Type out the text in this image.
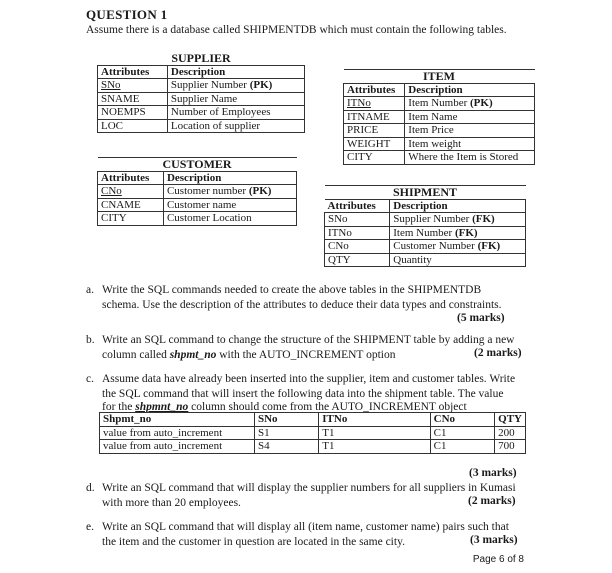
QUESTION 1
Assume there is a database called SHIPMENTDB which must contain the following tables.
SUPPLIER	
Attributes	Description
SNo	Supplier Number (PK)
SNAME	Supplier Name
NOEMPS	Number of Employees
LOC	Location of supplier
ITEM	
Attributes	Description
ITNo	Item Number (PK)
ITNAME	Item Name
PRICE	Item Price
WEIGHT	Item weight
CITY	Where the Item is Stored
CUSTOMER	
Attributes	Description
CNo	Customer number (PK)
CNAME	Customer name
CITY	Customer Location
SHIPMENT	
Attributes	Description
SNo	Supplier Number (FK)
ITNo	Item Number (FK)
CNo	Customer Number (FK)
QTY	Quantity
a. Write the SQL commands needed to create the above tables in the SHIPMENTDB
schema. Use the description of the attributes to deduce their data types and constraints.
(5 marks)
b. Write an SQL command to change the structure of the SHIPMENT table by adding a new
column called shpmt_no with the AUTO_INCREMENT option	(2 marks)
c. Assume data have already been inserted into the supplier, item and customer tables. Write
the SQL command that will insert the following data into the shipment table. The value
for the shpmnt_no column should come from the AUTO_INCREMENT object
Shpmt_no	SNo	ITNo	CNo	QTY
value from auto_increment	S1	T1	C1	200
value from auto_increment	S4	T1	C1	700
(3 marks)
d. Write an SQL command that will display the supplier numbers for all suppliers in Kumasi
with more than 20 employees.	(2 marks)
e. Write an SQL command that will display all (item name, customer name) pairs such that
the item and the customer in question are located in the same city.	(3 marks)
Page 6 of 8
